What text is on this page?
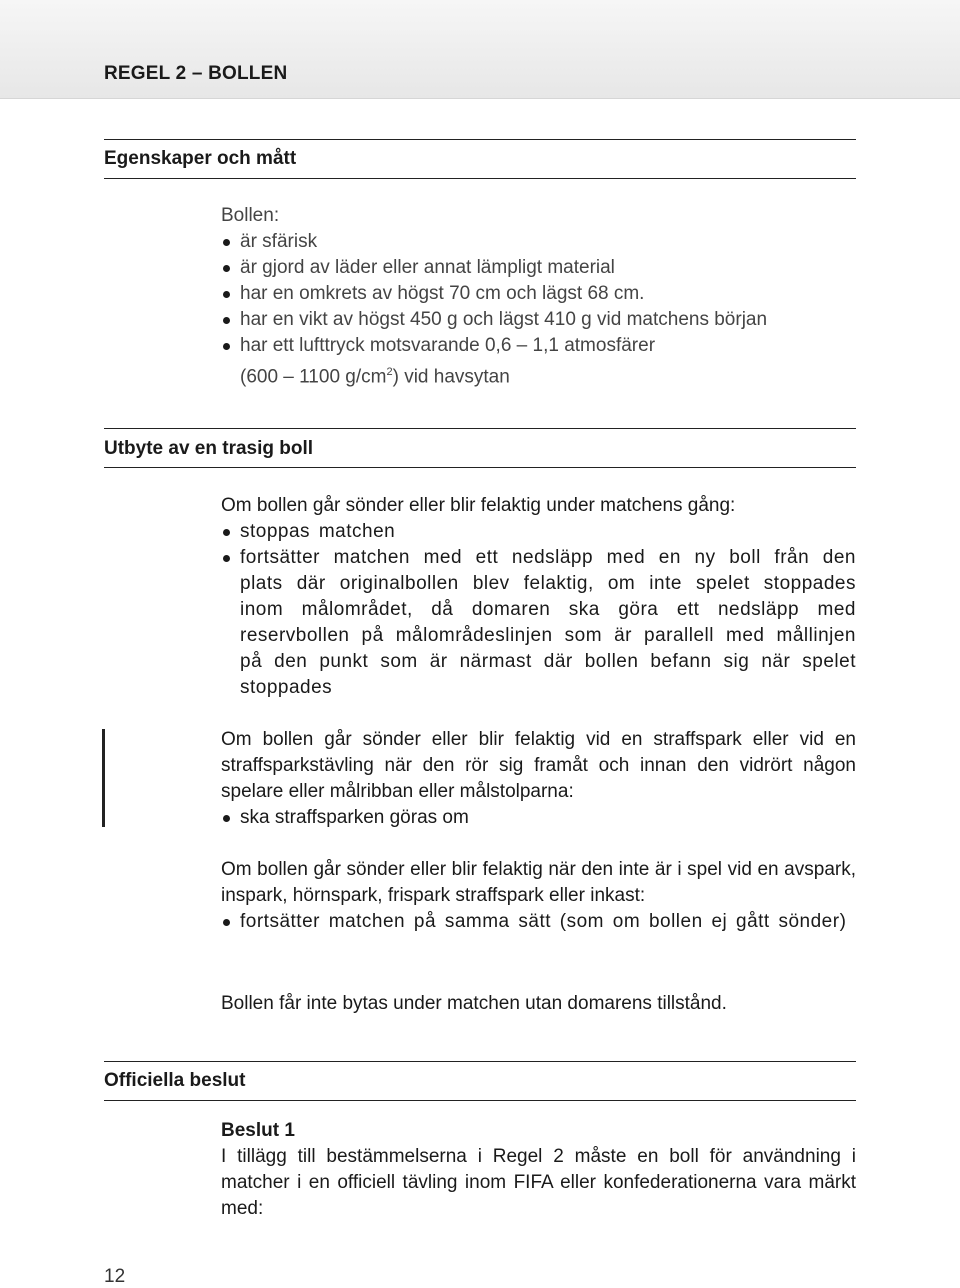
REGEL 2 – BOLLEN
Egenskaper och mått

Bollen:

är sfärisk
är gjord av läder eller annat lämpligt material
har en omkrets av högst 70 cm och lägst 68 cm.
har en vikt av högst 450 g och lägst 410 g vid matchens början
har ett lufttryck motsvarande 0,6 – 1,1 atmosfärer

(600 – 1100 $g/cm^2$) vid havsytan

Utbyte av en trasig boll

Om bollen går sönder eller blir felaktig under matchens gång:

stoppas matchen
fortsätter matchen med ett nedsläpp med en ny boll från den plats där originalbollen blev felaktig, om inte spelet stoppades inom målområdet, då domaren ska göra ett nedsläpp med reservbollen på målområdeslinjen som är parallell med mållinjen på den punkt som är närmast där bollen befann sig när spelet stoppades

Om bollen går sönder eller blir felaktig vid en straffspark eller vid en straffsparkstävling när den rör sig framåt och innan den vidrört någon spelare eller målribban eller målstolparna:

ska straffsparken göras om

Om bollen går sönder eller blir felaktig när den inte är i spel vid en avspark, inspark, hörnspark, frispark straffspark eller inkast:

fortsätter matchen på samma sätt (som om bollen ej gått sönder)

Bollen får inte bytas under matchen utan domarens tillstånd.

Officiella beslut

Beslut 1

I tillägg till bestämmelserna i Regel 2 måste en boll för användning i matcher i en officiell tävling inom FIFA eller konfederationerna vara märkt med:

12
